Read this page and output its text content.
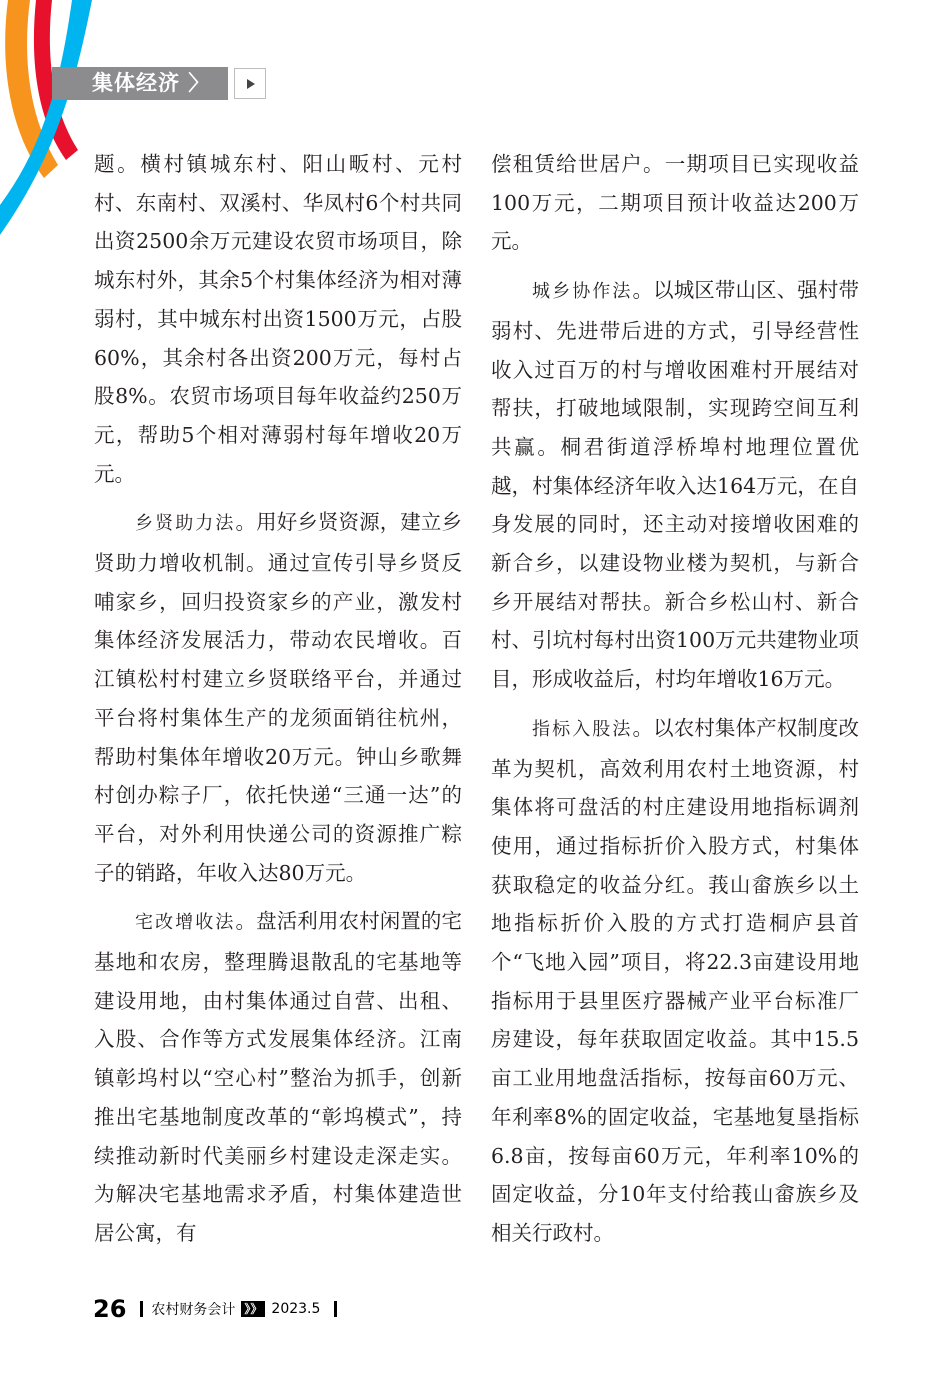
集体经济 〉

题。横村镇城东村、阳山畈村、元村村、东南村、双溪村、华凤村6个村共同出资2500余万元建设农贸市场项目，除城东村外，其余5个村集体经济为相对薄弱村，其中城东村出资1500万元，占股60%，其余村各出资200万元，每村占股8%。农贸市场项目每年收益约250万元，帮助5个相对薄弱村每年增收20万元。

乡贤助力法。用好乡贤资源，建立乡贤助力增收机制。通过宣传引导乡贤反哺家乡，回归投资家乡的产业，激发村集体经济发展活力，带动农民增收。百江镇松村村建立乡贤联络平台，并通过平台将村集体生产的龙须面销往杭州，帮助村集体年增收20万元。钟山乡歌舞村创办粽子厂，依托快递“三通一达”的平台，对外利用快递公司的资源推广粽子的销路，年收入达80万元。

宅改增收法。盘活利用农村闲置的宅基地和农房，整理腾退散乱的宅基地等建设用地，由村集体通过自营、出租、入股、合作等方式发展集体经济。江南镇彰坞村以“空心村”整治为抓手，创新推出宅基地制度改革的“彰坞模式”，持续推动新时代美丽乡村建设走深走实。为解决宅基地需求矛盾，村集体建造世居公寓，有

偿租赁给世居户。一期项目已实现收益100万元，二期项目预计收益达200万元。

城乡协作法。以城区带山区、强村带弱村、先进带后进的方式，引导经营性收入过百万的村与增收困难村开展结对帮扶，打破地域限制，实现跨空间互利共赢。桐君街道浮桥埠村地理位置优越，村集体经济年收入达164万元，在自身发展的同时，还主动对接增收困难的新合乡，以建设物业楼为契机，与新合乡开展结对帮扶。新合乡松山村、新合村、引坑村每村出资100万元共建物业项目，形成收益后，村均年增收16万元。

指标入股法。以农村集体产权制度改革为契机，高效利用农村土地资源，村集体将可盘活的村庄建设用地指标调剂使用，通过指标折价入股方式，村集体获取稳定的收益分红。莪山畲族乡以土地指标折价入股的方式打造桐庐县首个“飞地入园”项目，将22.3亩建设用地指标用于县里医疗器械产业平台标准厂房建设，每年获取固定收益。其中15.5亩工业用地盘活指标，按每亩60万元、年利率8%的固定收益，宅基地复垦指标6.8亩，按每亩60万元，年利率10%的固定收益，分10年支付给莪山畲族乡及相关行政村。

26 农村财务会计 》》 2023.5
